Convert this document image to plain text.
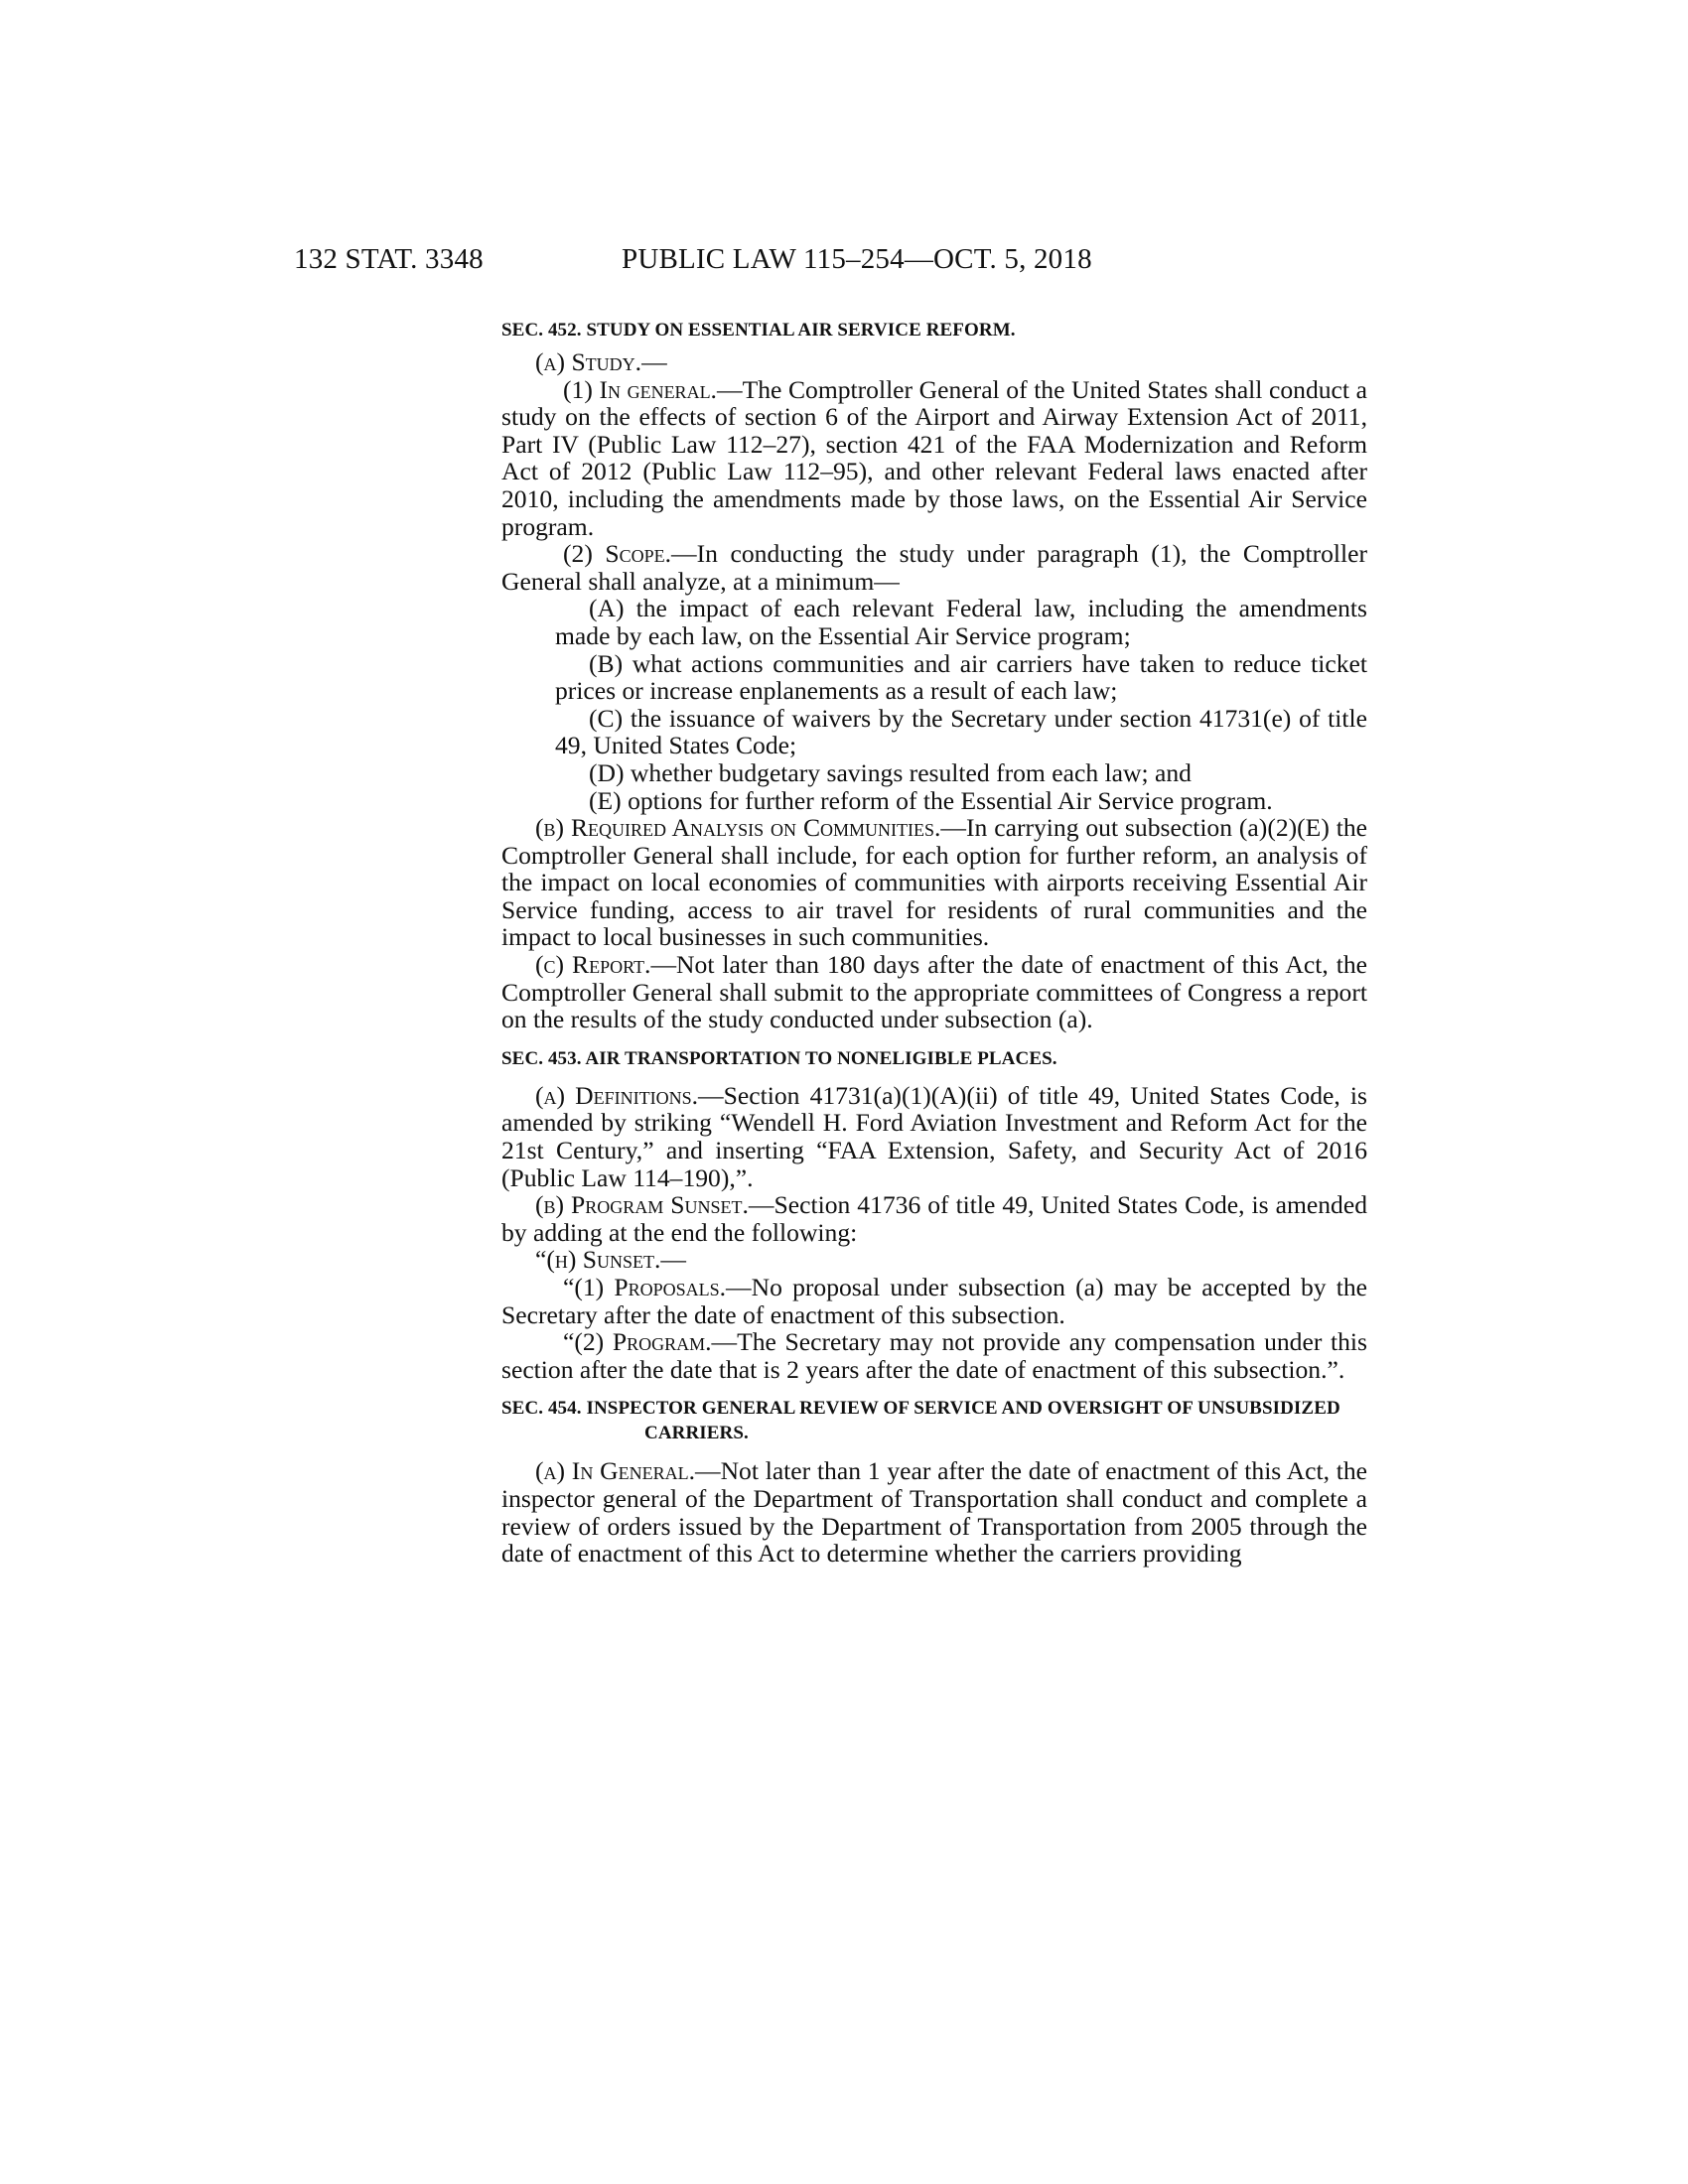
132 STAT. 3348	PUBLIC LAW 115–254—OCT. 5, 2018

SEC. 452. STUDY ON ESSENTIAL AIR SERVICE REFORM.

(a) Study.—

(1) In general.—The Comptroller General of the United States shall conduct a study on the effects of section 6 of the Airport and Airway Extension Act of 2011, Part IV (Public Law 112–27), section 421 of the FAA Modernization and Reform Act of 2012 (Public Law 112–95), and other relevant Federal laws enacted after 2010, including the amendments made by those laws, on the Essential Air Service program.

(2) Scope.—In conducting the study under paragraph (1), the Comptroller General shall analyze, at a minimum—

(A) the impact of each relevant Federal law, including the amendments made by each law, on the Essential Air Service program;

(B) what actions communities and air carriers have taken to reduce ticket prices or increase enplanements as a result of each law;

(C) the issuance of waivers by the Secretary under section 41731(e) of title 49, United States Code;

(D) whether budgetary savings resulted from each law; and

(E) options for further reform of the Essential Air Service program.

(b) Required Analysis on Communities.—In carrying out subsection (a)(2)(E) the Comptroller General shall include, for each option for further reform, an analysis of the impact on local economies of communities with airports receiving Essential Air Service funding, access to air travel for residents of rural communities and the impact to local businesses in such communities.

(c) Report.—Not later than 180 days after the date of enactment of this Act, the Comptroller General shall submit to the appropriate committees of Congress a report on the results of the study conducted under subsection (a).

SEC. 453. AIR TRANSPORTATION TO NONELIGIBLE PLACES.

(a) Definitions.—Section 41731(a)(1)(A)(ii) of title 49, United States Code, is amended by striking “Wendell H. Ford Aviation Investment and Reform Act for the 21st Century,” and inserting “FAA Extension, Safety, and Security Act of 2016 (Public Law 114–190),”.

(b) Program Sunset.—Section 41736 of title 49, United States Code, is amended by adding at the end the following:

“(h) Sunset.—

“(1) Proposals.—No proposal under subsection (a) may be accepted by the Secretary after the date of enactment of this subsection.

“(2) Program.—The Secretary may not provide any compensation under this section after the date that is 2 years after the date of enactment of this subsection.”.

SEC. 454. INSPECTOR GENERAL REVIEW OF SERVICE AND OVERSIGHT OF UNSUBSIDIZED CARRIERS.

(a) In General.—Not later than 1 year after the date of enactment of this Act, the inspector general of the Department of Transportation shall conduct and complete a review of orders issued by the Department of Transportation from 2005 through the date of enactment of this Act to determine whether the carriers providing
